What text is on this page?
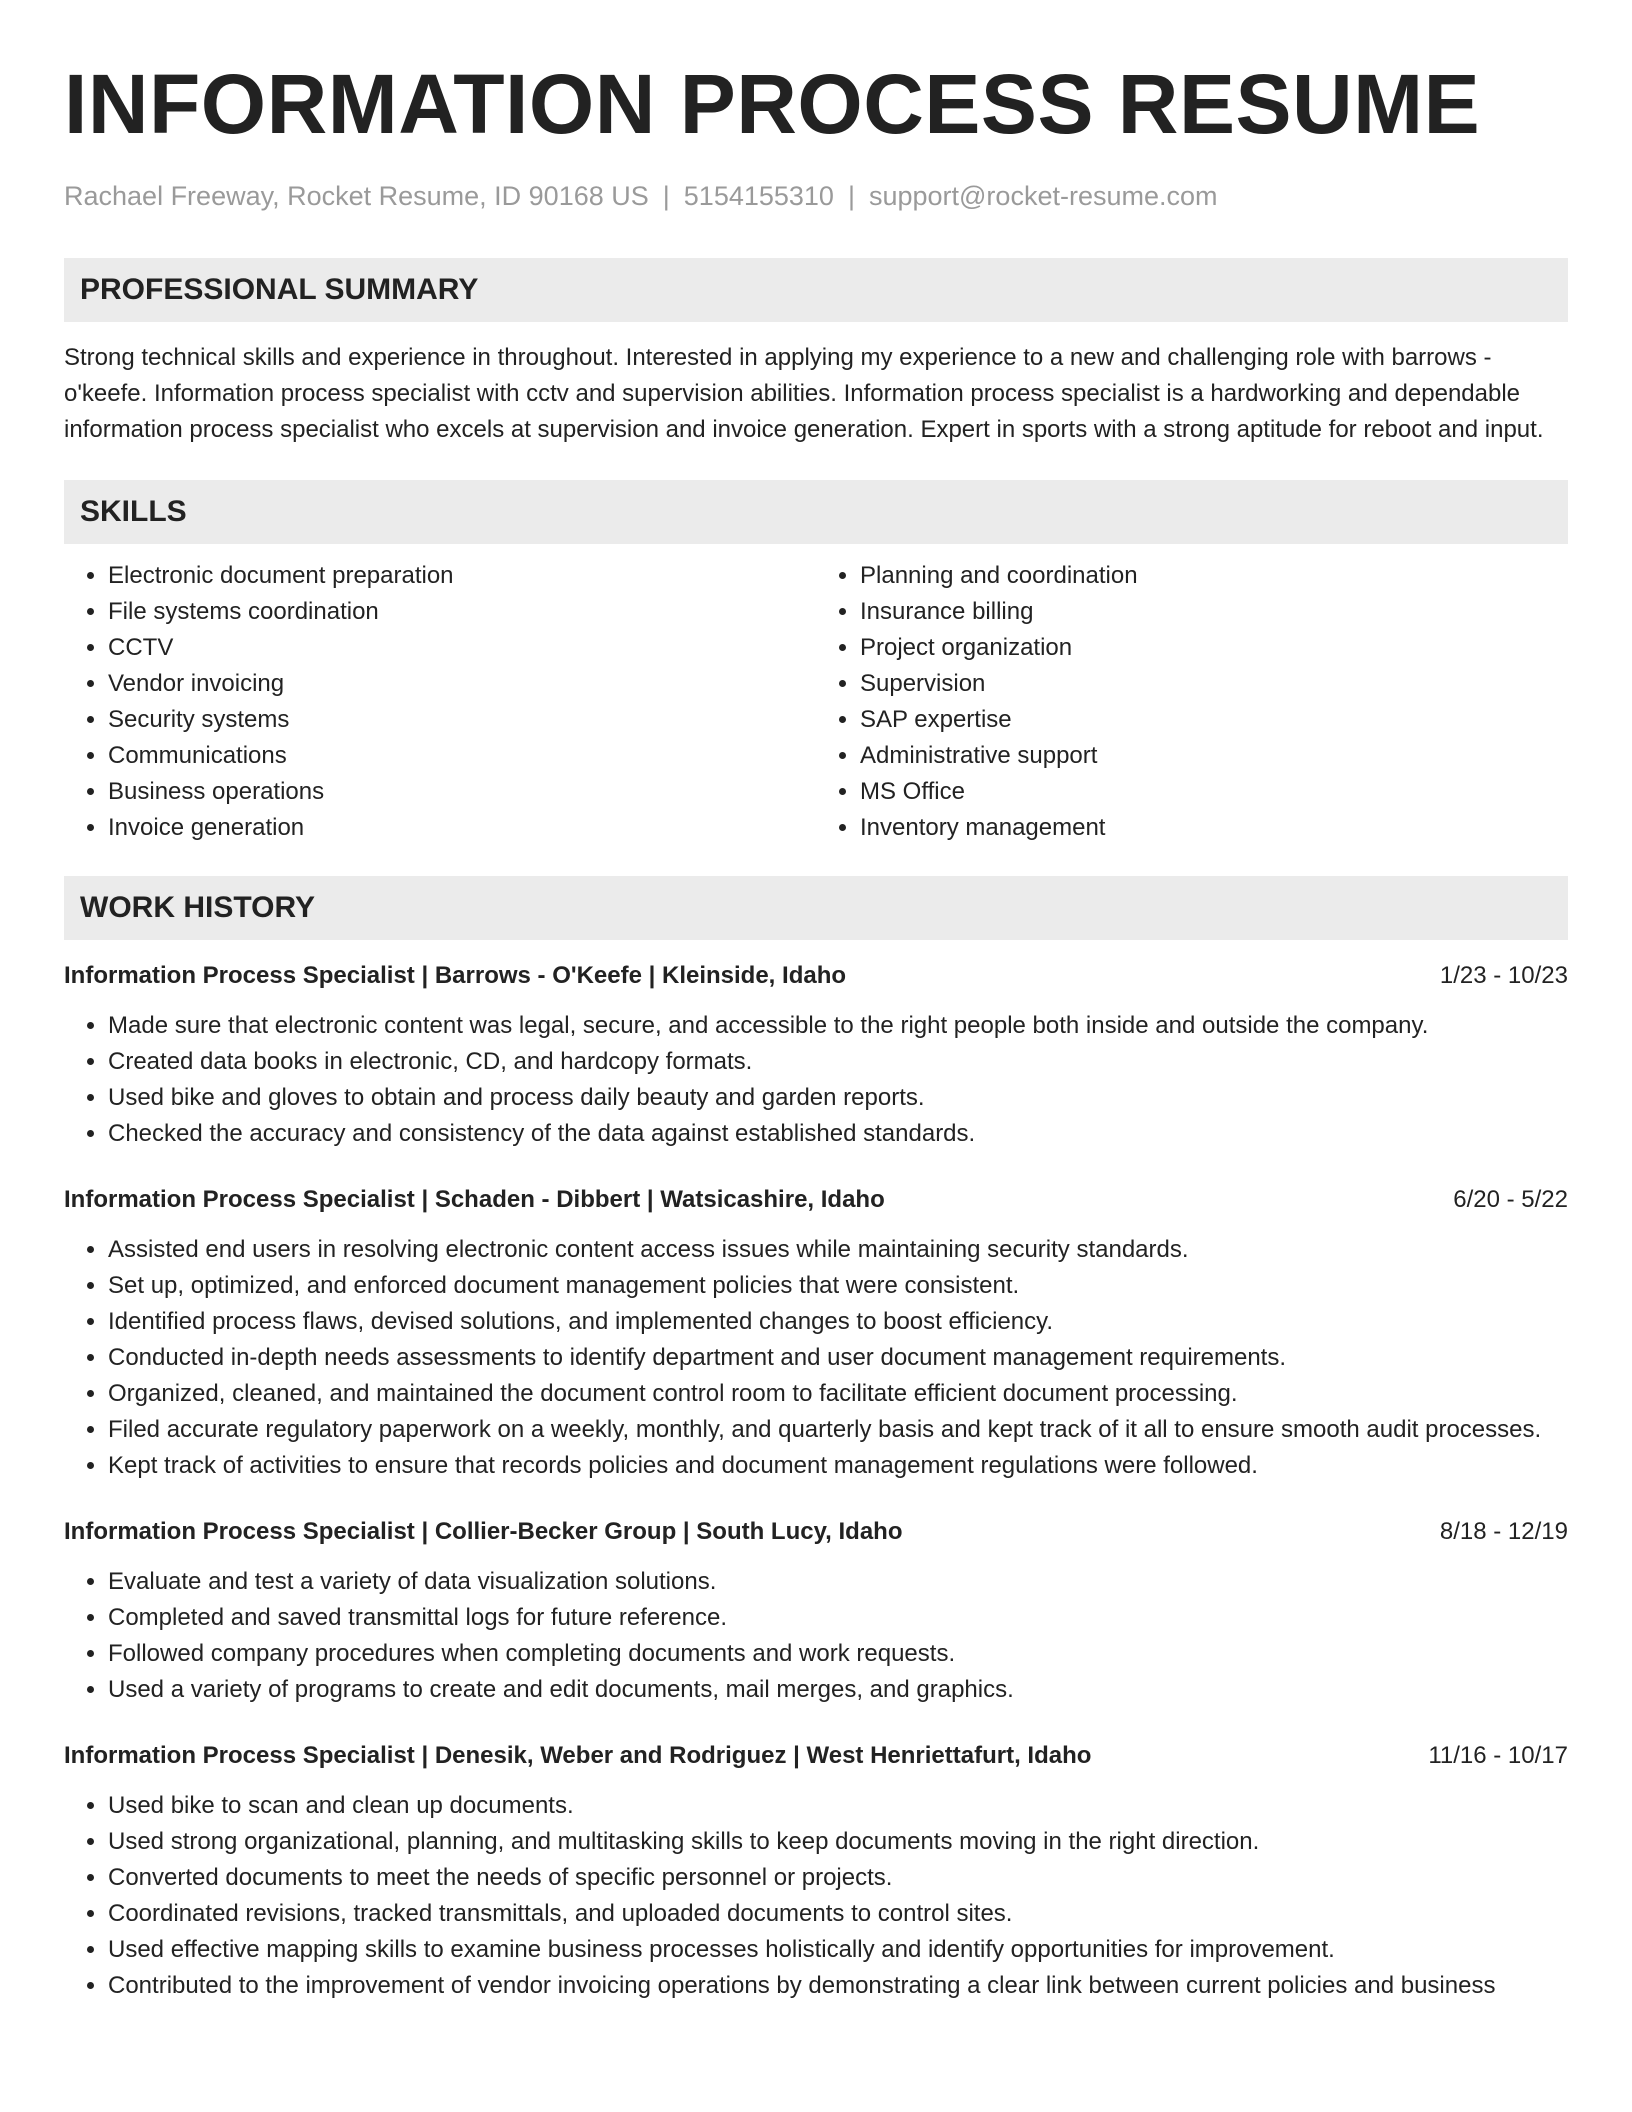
INFORMATION PROCESS RESUME
Rachael Freeway, Rocket Resume, ID 90168 US | 5154155310 | support@rocket-resume.com
PROFESSIONAL SUMMARY

Strong technical skills and experience in throughout. Interested in applying my experience to a new and challenging role with barrows - o'keefe. Information process specialist with cctv and supervision abilities. Information process specialist is a hardworking and dependable information process specialist who excels at supervision and invoice generation. Expert in sports with a strong aptitude for reboot and input.

SKILLS
• Electronic document preparation
• File systems coordination
• CCTV
• Vendor invoicing
• Security systems
• Communications
• Business operations
• Invoice generation
• Planning and coordination
• Insurance billing
• Project organization
• Supervision
• SAP expertise
• Administrative support
• MS Office
• Inventory management
WORK HISTORY
Information Process Specialist | Barrows - O'Keefe | Kleinside, Idaho	1/23 - 10/23
• Made sure that electronic content was legal, secure, and accessible to the right people both inside and outside the company.
• Created data books in electronic, CD, and hardcopy formats.
• Used bike and gloves to obtain and process daily beauty and garden reports.
• Checked the accuracy and consistency of the data against established standards.
Information Process Specialist | Schaden - Dibbert | Watsicashire, Idaho	6/20 - 5/22
• Assisted end users in resolving electronic content access issues while maintaining security standards.
• Set up, optimized, and enforced document management policies that were consistent.
• Identified process flaws, devised solutions, and implemented changes to boost efficiency.
• Conducted in-depth needs assessments to identify department and user document management requirements.
• Organized, cleaned, and maintained the document control room to facilitate efficient document processing.
• Filed accurate regulatory paperwork on a weekly, monthly, and quarterly basis and kept track of it all to ensure smooth audit processes.
• Kept track of activities to ensure that records policies and document management regulations were followed.
Information Process Specialist | Collier-Becker Group | South Lucy, Idaho	8/18 - 12/19
• Evaluate and test a variety of data visualization solutions.
• Completed and saved transmittal logs for future reference.
• Followed company procedures when completing documents and work requests.
• Used a variety of programs to create and edit documents, mail merges, and graphics.
Information Process Specialist | Denesik, Weber and Rodriguez | West Henriettafurt, Idaho	11/16 - 10/17
• Used bike to scan and clean up documents.
• Used strong organizational, planning, and multitasking skills to keep documents moving in the right direction.
• Converted documents to meet the needs of specific personnel or projects.
• Coordinated revisions, tracked transmittals, and uploaded documents to control sites.
• Used effective mapping skills to examine business processes holistically and identify opportunities for improvement.
• Contributed to the improvement of vendor invoicing operations by demonstrating a clear link between current policies and business
